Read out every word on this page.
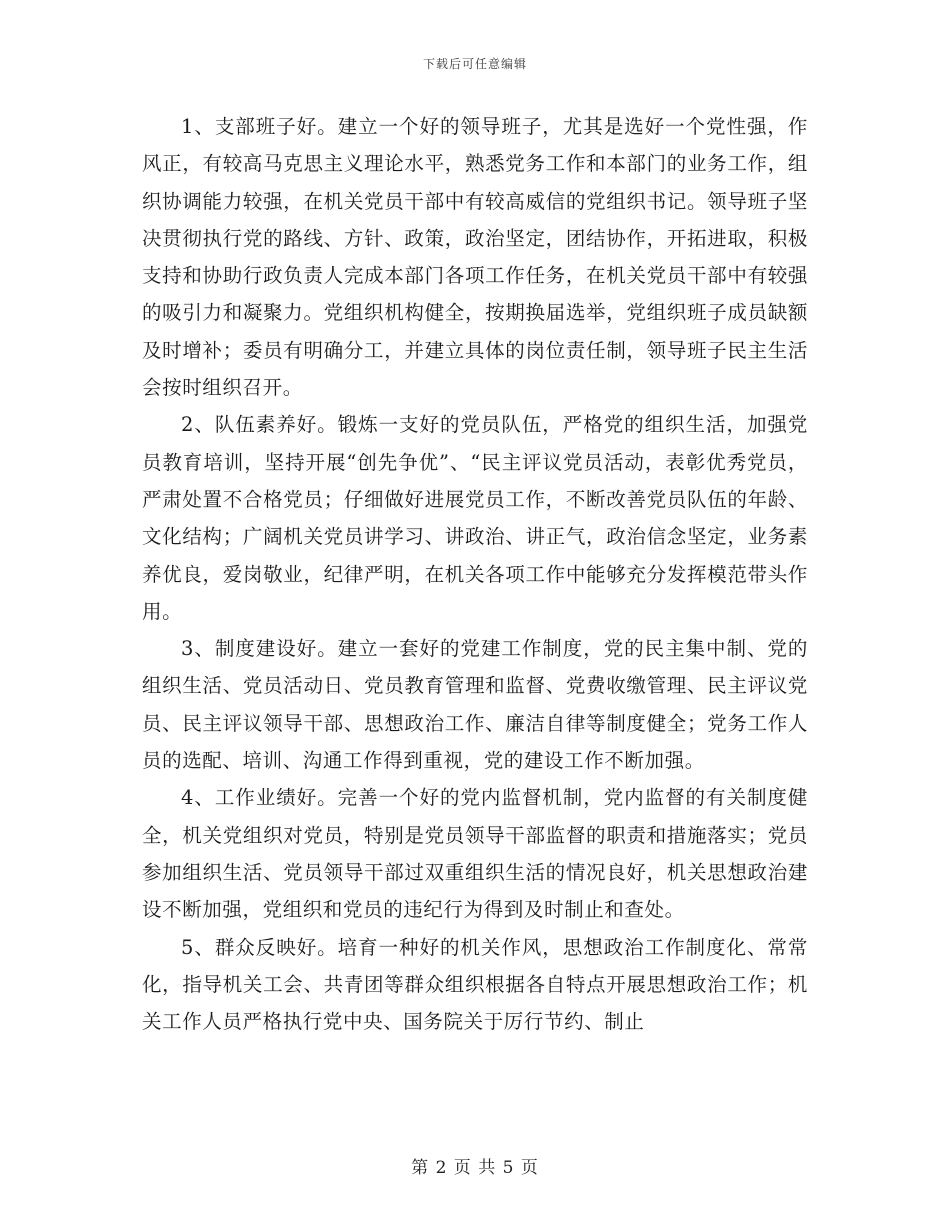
下载后可任意编辑

1、支部班子好。建立一个好的领导班子，尤其是选好一个党性强，作风正，有较高马克思主义理论水平，熟悉党务工作和本部门的业务工作，组织协调能力较强，在机关党员干部中有较高威信的党组织书记。领导班子坚决贯彻执行党的路线、方针、政策，政治坚定，团结协作，开拓进取，积极支持和协助行政负责人完成本部门各项工作任务，在机关党员干部中有较强的吸引力和凝聚力。党组织机构健全，按期换届选举，党组织班子成员缺额及时增补；委员有明确分工，并建立具体的岗位责任制，领导班子民主生活会按时组织召开。

2、队伍素养好。锻炼一支好的党员队伍，严格党的组织生活，加强党员教育培训，坚持开展“创先争优”、“民主评议党员活动，表彰优秀党员，严肃处置不合格党员；仔细做好进展党员工作，不断改善党员队伍的年龄、文化结构；广阔机关党员讲学习、讲政治、讲正气，政治信念坚定，业务素养优良，爱岗敬业，纪律严明，在机关各项工作中能够充分发挥模范带头作用。

3、制度建设好。建立一套好的党建工作制度，党的民主集中制、党的组织生活、党员活动日、党员教育管理和监督、党费收缴管理、民主评议党员、民主评议领导干部、思想政治工作、廉洁自律等制度健全；党务工作人员的选配、培训、沟通工作得到重视，党的建设工作不断加强。

4、工作业绩好。完善一个好的党内监督机制，党内监督的有关制度健全，机关党组织对党员，特别是党员领导干部监督的职责和措施落实；党员参加组织生活、党员领导干部过双重组织生活的情况良好，机关思想政治建设不断加强，党组织和党员的违纪行为得到及时制止和查处。

5、群众反映好。培育一种好的机关作风，思想政治工作制度化、常常化，指导机关工会、共青团等群众组织根据各自特点开展思想政治工作；机关工作人员严格执行党中央、国务院关于厉行节约、制止

第 2 页 共 5 页
